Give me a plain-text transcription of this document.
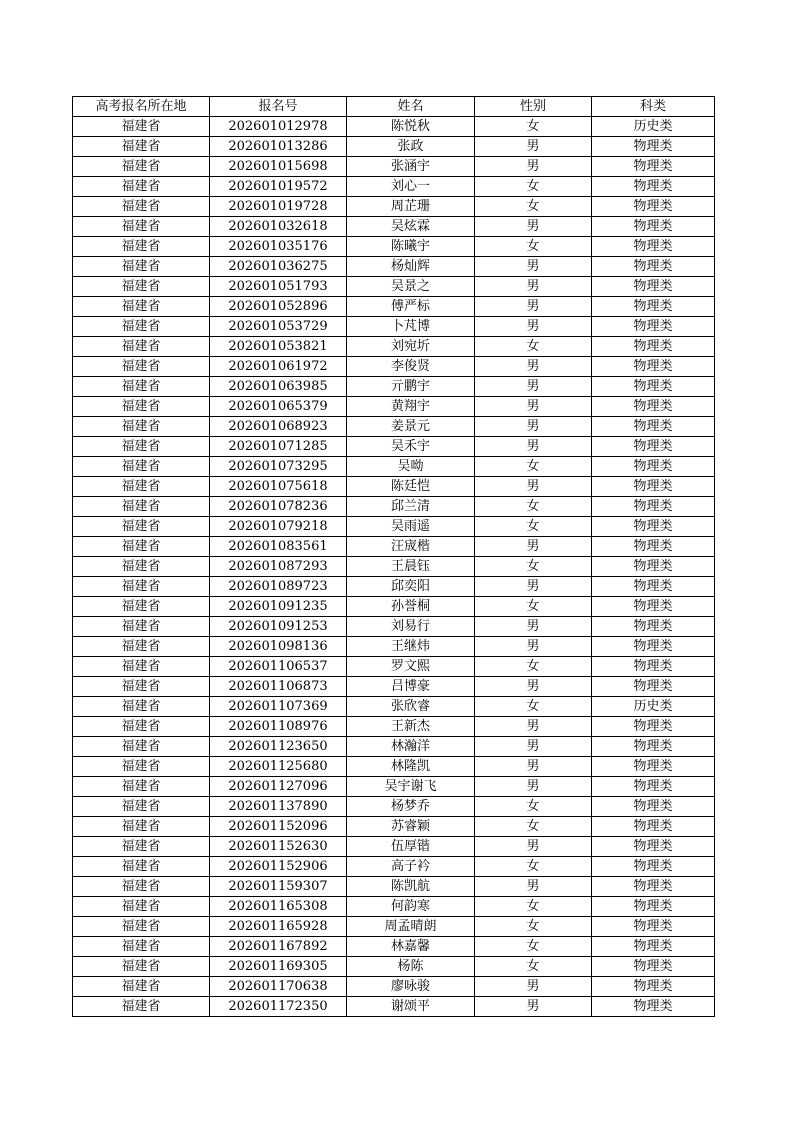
高考报名所在地	报名号	姓名	性别	科类
福建省	202601012978	陈悦秋	女	历史类
福建省	202601013286	张政	男	物理类
福建省	202601015698	张涵宇	男	物理类
福建省	202601019572	刘心一	女	物理类
福建省	202601019728	周芷珊	女	物理类
福建省	202601032618	吴炫霖	男	物理类
福建省	202601035176	陈曦宇	女	物理类
福建省	202601036275	杨灿辉	男	物理类
福建省	202601051793	吴景之	男	物理类
福建省	202601052896	傅严标	男	物理类
福建省	202601053729	卜芃博	男	物理类
福建省	202601053821	刘宛圻	女	物理类
福建省	202601061972	李俊贤	男	物理类
福建省	202601063985	亓鹏宇	男	物理类
福建省	202601065379	黄翔宇	男	物理类
福建省	202601068923	姜景元	男	物理类
福建省	202601071285	吴禾宇	男	物理类
福建省	202601073295	吴呦	女	物理类
福建省	202601075618	陈廷恺	男	物理类
福建省	202601078236	邱兰清	女	物理类
福建省	202601079218	吴雨遥	女	物理类
福建省	202601083561	汪宬楷	男	物理类
福建省	202601087293	王晨钰	女	物理类
福建省	202601089723	邱奕阳	男	物理类
福建省	202601091235	孙誉桐	女	物理类
福建省	202601091253	刘易行	男	物理类
福建省	202601098136	王继炜	男	物理类
福建省	202601106537	罗文熙	女	物理类
福建省	202601106873	吕博豪	男	物理类
福建省	202601107369	张欣睿	女	历史类
福建省	202601108976	王新杰	男	物理类
福建省	202601123650	林瀚洋	男	物理类
福建省	202601125680	林隆凯	男	物理类
福建省	202601127096	吴宇谢飞	男	物理类
福建省	202601137890	杨梦乔	女	物理类
福建省	202601152096	苏睿颖	女	物理类
福建省	202601152630	伍厚锴	男	物理类
福建省	202601152906	高子衿	女	物理类
福建省	202601159307	陈凯航	男	物理类
福建省	202601165308	何韵寒	女	物理类
福建省	202601165928	周孟晴朗	女	物理类
福建省	202601167892	林嘉馨	女	物理类
福建省	202601169305	杨陈	女	物理类
福建省	202601170638	廖咏骏	男	物理类
福建省	202601172350	谢颂平	男	物理类
